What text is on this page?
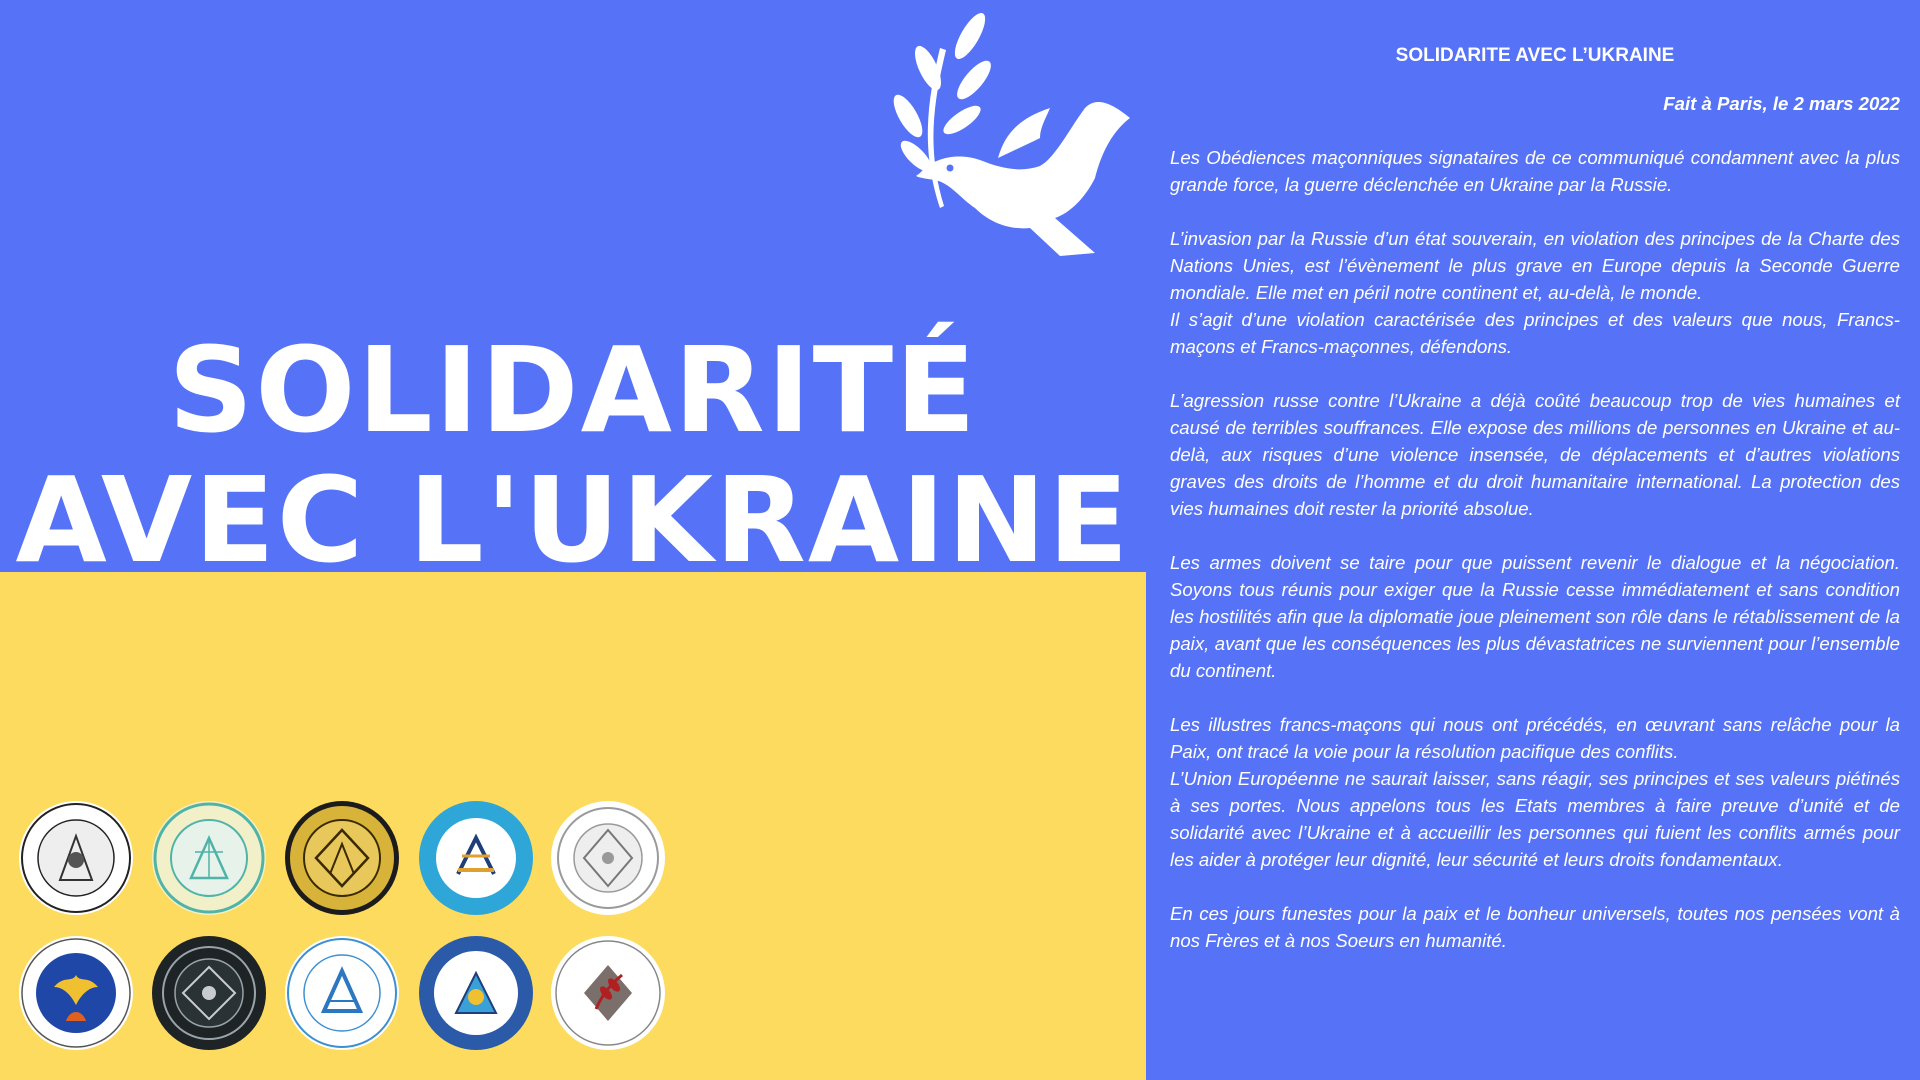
SOLIDARITÉ
AVEC L'UKRAINE
SOLIDARITE AVEC L’UKRAINE
Fait à Paris, le 2 mars 2022

Les Obédiences maçonniques signataires de ce communiqué condamnent avec la plus grande force, la guerre déclenchée en Ukraine par la Russie.

L’invasion par la Russie d’un état souverain, en violation des principes de la Charte des Nations Unies, est l’évènement le plus grave en Europe depuis la Seconde Guerre mondiale. Elle met en péril notre continent et, au-delà, le monde.

Il s’agit d’une violation caractérisée des principes et des valeurs que nous, Francs-maçons et Francs-maçonnes, défendons.

L’agression russe contre l’Ukraine a déjà coûté beaucoup trop de vies humaines et causé de terribles souffrances. Elle expose des millions de personnes en Ukraine et au-delà, aux risques d’une violence insensée, de déplacements et d’autres violations graves des droits de l’homme et du droit humanitaire international. La protection des vies humaines doit rester la priorité absolue.

Les armes doivent se taire pour que puissent revenir le dialogue et la négociation. Soyons tous réunis pour exiger que la Russie cesse immédiatement et sans condition les hostilités afin que la diplomatie joue pleinement son rôle dans le rétablissement de la paix, avant que les conséquences les plus dévastatrices ne surviennent pour l’ensemble du continent.

Les illustres francs-maçons qui nous ont précédés, en œuvrant sans relâche pour la Paix, ont tracé la voie pour la résolution pacifique des conflits.

L’Union Européenne ne saurait laisser, sans réagir, ses principes et ses valeurs piétinés à ses portes. Nous appelons tous les Etats membres à faire preuve d’unité et de solidarité avec l’Ukraine et à accueillir les personnes qui fuient les conflits armés pour les aider à protéger leur dignité, leur sécurité et leurs droits fondamentaux.

En ces jours funestes pour la paix et le bonheur universels, toutes nos pensées vont à nos Frères et à nos Soeurs en humanité.
